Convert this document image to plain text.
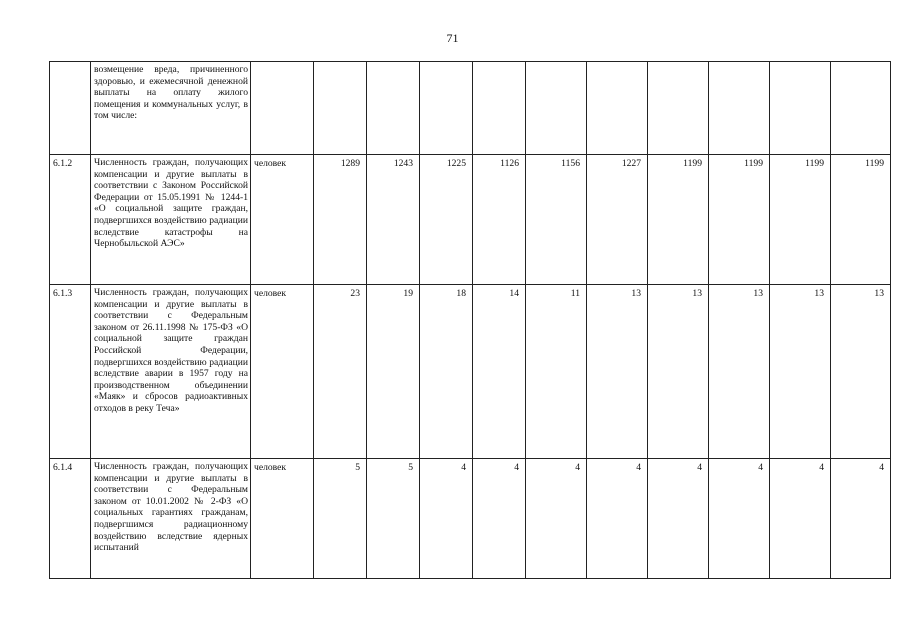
71
	возмещение вреда, причиненного здоровью, и ежемесячной денежной выплаты на оплату жилого помещения и коммунальных услуг, в том числе:											
6.1.2	Численность граждан, получающих компенсации и другие выплаты в соответствии с Законом Российской Федерации от 15.05.1991 № 1244-1 «О социальной защите граждан, подвергшихся воздействию радиации вследствие катастрофы на Чернобыльской АЭС»	человек	1289	1243	1225	1126	1156	1227	1199	1199	1199	1199
6.1.3	Численность граждан, получающих компенсации и другие выплаты в соответствии с Федеральным законом от 26.11.1998 № 175-ФЗ «О социальной защите граждан Российской Федерации, подвергшихся воздействию радиации вследствие аварии в 1957 году на производственном объединении «Маяк» и сбросов радиоактивных отходов в реку Теча»	человек	23	19	18	14	11	13	13	13	13	13
6.1.4	Численность граждан, получающих компенсации и другие выплаты в соответствии с Федеральным законом от 10.01.2002 № 2-ФЗ «О социальных гарантиях гражданам, подвергшимся радиационному воздействию вследствие ядерных испытаний	человек	5	5	4	4	4	4	4	4	4	4
